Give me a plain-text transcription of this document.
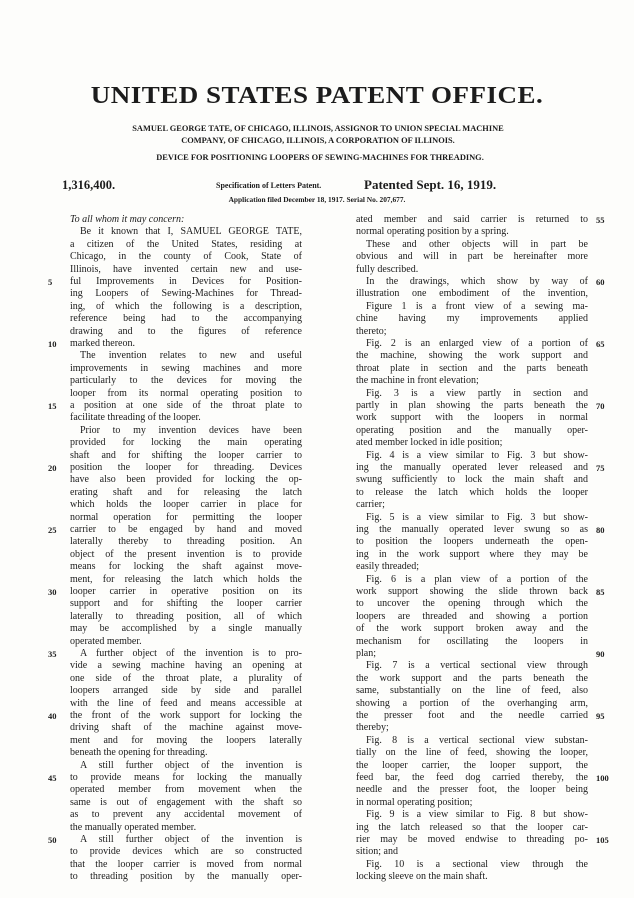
UNITED STATES PATENT OFFICE.
SAMUEL GEORGE TATE, OF CHICAGO, ILLINOIS, ASSIGNOR TO UNION SPECIAL MACHINE
COMPANY, OF CHICAGO, ILLINOIS, A CORPORATION OF ILLINOIS.
DEVICE FOR POSITIONING LOOPERS OF SEWING-MACHINES FOR THREADING.
1,316,400.	Specification of Letters Patent.	Patented Sept. 16, 1919.
Application filed December 18, 1917. Serial No. 207,677.
To all whom it may concern:
Be it known that I, SAMUEL GEORGE TATE,
a citizen of the United States, residing at
Chicago, in the county of Cook, State of
Illinois, have invented certain new and use-
ful Improvements in Devices for Position-
ing Loopers of Sewing-Machines for Thread-
ing, of which the following is a description,
reference being had to the accompanying
drawing and to the figures of reference
marked thereon.
The invention relates to new and useful
improvements in sewing machines and more
particularly to the devices for moving the
looper from its normal operating position to
a position at one side of the throat plate to
facilitate threading of the looper.
Prior to my invention devices have been
provided for locking the main operating
shaft and for shifting the looper carrier to
position the looper for threading. Devices
have also been provided for locking the op-
erating shaft and for releasing the latch
which holds the looper carrier in place for
normal operation for permitting the looper
carrier to be engaged by hand and moved
laterally thereby to threading position. An
object of the present invention is to provide
means for locking the shaft against move-
ment, for releasing the latch which holds the
looper carrier in operative position on its
support and for shifting the looper carrier
laterally to threading position, all of which
may be accomplished by a single manually
operated member.
A further object of the invention is to pro-
vide a sewing machine having an opening at
one side of the throat plate, a plurality of
loopers arranged side by side and parallel
with the line of feed and means accessible at
the front of the work support for locking the
driving shaft of the machine against move-
ment and for moving the loopers laterally
beneath the opening for threading.
A still further object of the invention is
to provide means for locking the manually
operated member from movement when the
same is out of engagement with the shaft so
as to prevent any accidental movement of
the manually operated member.
A still further object of the invention is
to provide devices which are so constructed
that the looper carrier is moved from normal
to threading position by the manually oper-
ated member and said carrier is returned to
normal operating position by a spring.
These and other objects will in part be
obvious and will in part be hereinafter more
fully described.
In the drawings, which show by way of
illustration one embodiment of the invention,
Figure 1 is a front view of a sewing ma-
chine having my improvements applied
thereto;
Fig. 2 is an enlarged view of a portion of
the machine, showing the work support and
throat plate in section and the parts beneath
the machine in front elevation;
Fig. 3 is a view partly in section and
partly in plan showing the parts beneath the
work support with the loopers in normal
operating position and the manually oper-
ated member locked in idle position;
Fig. 4 is a view similar to Fig. 3 but show-
ing the manually operated lever released and
swung sufficiently to lock the main shaft and
to release the latch which holds the looper
carrier;
Fig. 5 is a view similar to Fig. 3 but show-
ing the manually operated lever swung so as
to position the loopers underneath the open-
ing in the work support where they may be
easily threaded;
Fig. 6 is a plan view of a portion of the
work support showing the slide thrown back
to uncover the opening through which the
loopers are threaded and showing a portion
of the work support broken away and the
mechanism for oscillating the loopers in
plan;
Fig. 7 is a vertical sectional view through
the work support and the parts beneath the
same, substantially on the line of feed, also
showing a portion of the overhanging arm,
the presser foot and the needle carried
thereby;
Fig. 8 is a vertical sectional view substan-
tially on the line of feed, showing the looper,
the looper carrier, the looper support, the
feed bar, the feed dog carried thereby, the
needle and the presser foot, the looper being
in normal operating position;
Fig. 9 is a view similar to Fig. 8 but show-
ing the latch released so that the looper car-
rier may be moved endwise to threading po-
sition; and
Fig. 10 is a sectional view through the
locking sleeve on the main shaft.
5
10
15
20
25
30
35
40
45
50
55
60
65
70
75
80
85
90
95
100
105
